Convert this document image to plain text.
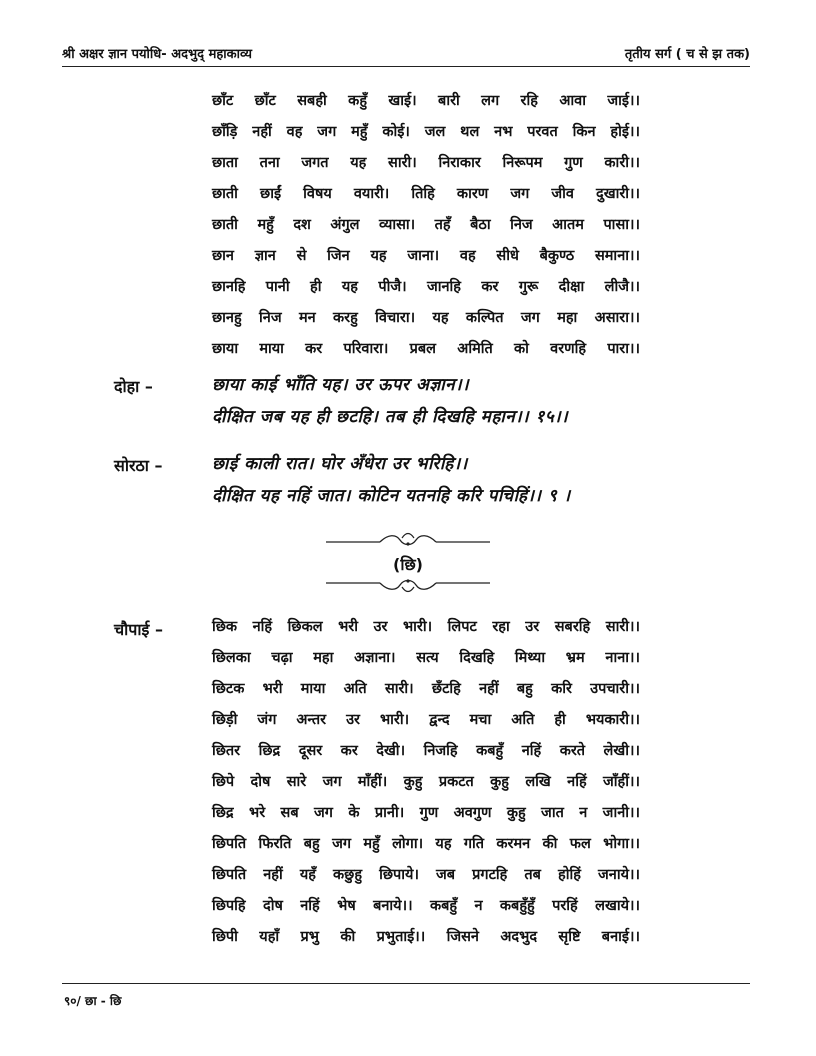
श्री अक्षर ज्ञान पयोधि- अदभुद् महाकाव्य	तृतीय सर्ग ( च से झ तक)
छाँट छाँट सबही कहुँ खाई। बारी लग रहि आवा जाई।।
छाँड़ि नहीं वह जग महुँ कोई। जल थल नभ परवत किन होई।।
छाता तना जगत यह सारी। निराकार निरूपम गुण कारी।।
छाती छाईं विषय वयारी। तिहि कारण जग जीव दुखारी।।
छाती महुँ दश अंगुल व्यासा। तहँ बैठा निज आतम पासा।।
छान ज्ञान से जिन यह जाना। वह सीधे बैकुण्ठ समाना।।
छानहि पानी ही यह पीजै। जानहि कर गुरू दीक्षा लीजै।।
छानहु निज मन करहु विचारा। यह कल्पित जग महा असारा।।
छाया माया कर परिवारा। प्रबल अमिति को वरणहि पारा।।
दोहा –	छाया काई भाँति यह। उर ऊपर अज्ञान।।
दीक्षित जब यह ही छटहि। तब ही दिखहि महान।। १५।।
सोरठा –	छाई काली रात। घोर अँधेरा उर भरिहि।।
दीक्षित यह नहिं जात। कोटिन यतनहि करि पचिहिं।। ९ ।
(छि)
चौपाई –	छिक नहिं छिकल भरी उर भारी। लिपट रहा उर सबरहि सारी।।
छिलका चढ़ा महा अज्ञाना। सत्य दिखहि मिथ्या भ्रम नाना।।
छिटक भरी माया अति सारी। छँटहि नहीं बहु करि उपचारी।।
छिड़ी जंग अन्तर उर भारी। द्वन्द मचा अति ही भयकारी।।
छितर छिद्र दूसर कर देखी। निजहि कबहुँ नहिं करते लेखी।।
छिपे दोष सारे जग माँहीं। कुहु प्रकटत कुहु लखि नहिं जाँहीं।।
छिद्र भरे सब जग के प्रानी। गुण अवगुण कुहु जात न जानी।।
छिपति फिरति बहु जग महुँ लोगा। यह गति करमन की फल भोगा।।
छिपति नहीं यहँ कछुहु छिपाये। जब प्रगटहि तब होहिं जनाये।।
छिपहि दोष नहिं भेष बनाये।। कबहुँ न कबहुँहुँ परहिं लखाये।।
छिपी यहाँ प्रभु की प्रभुताई।। जिसने अदभुद सृष्टि बनाई।।
९०/ छा - छि
